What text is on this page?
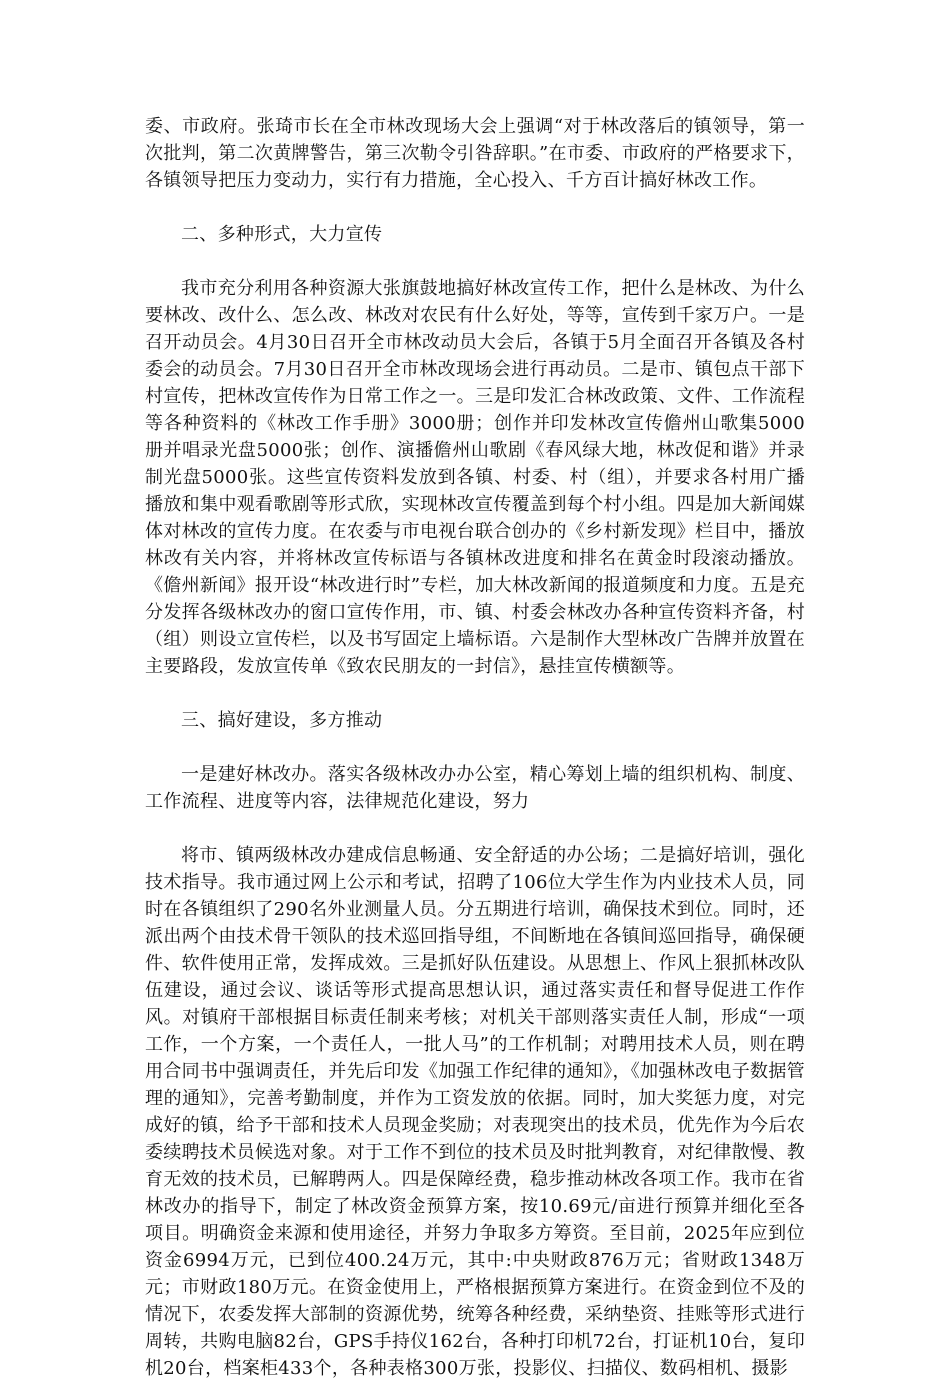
委、市政府。张琦市长在全市林改现场大会上强调“对于林改落后的镇领导，第一次批判，第二次黄牌警告，第三次勒令引咎辞职。”在市委、市政府的严格要求下，各镇领导把压力变动力，实行有力措施，全心投入、千方百计搞好林改工作。

二、多种形式，大力宣传

我市充分利用各种资源大张旗鼓地搞好林改宣传工作，把什么是林改、为什么要林改、改什么、怎么改、林改对农民有什么好处，等等，宣传到千家万户。一是召开动员会。4月30日召开全市林改动员大会后，各镇于5月全面召开各镇及各村委会的动员会。7月30日召开全市林改现场会进行再动员。二是市、镇包点干部下村宣传，把林改宣传作为日常工作之一。三是印发汇合林改政策、文件、工作流程等各种资料的《林改工作手册》3000册；创作并印发林改宣传儋州山歌集5000册并唱录光盘5000张；创作、演播儋州山歌剧《春风绿大地，林改促和谐》并录制光盘5000张。这些宣传资料发放到各镇、村委、村（组），并要求各村用广播播放和集中观看歌剧等形式欣，实现林改宣传覆盖到每个村小组。四是加大新闻媒体对林改的宣传力度。在农委与市电视台联合创办的《乡村新发现》栏目中，播放林改有关内容，并将林改宣传标语与各镇林改进度和排名在黄金时段滚动播放。《儋州新闻》报开设“林改进行时”专栏，加大林改新闻的报道频度和力度。五是充分发挥各级林改办的窗口宣传作用，市、镇、村委会林改办各种宣传资料齐备，村（组）则设立宣传栏，以及书写固定上墙标语。六是制作大型林改广告牌并放置在主要路段，发放宣传单《致农民朋友的一封信》，悬挂宣传横额等。

三、搞好建设，多方推动

一是建好林改办。落实各级林改办办公室，精心筹划上墙的组织机构、制度、工作流程、进度等内容，法律规范化建设，努力

将市、镇两级林改办建成信息畅通、安全舒适的办公场；二是搞好培训，强化技术指导。我市通过网上公示和考试，招聘了106位大学生作为内业技术人员，同时在各镇组织了290名外业测量人员。分五期进行培训，确保技术到位。同时，还派出两个由技术骨干领队的技术巡回指导组，不间断地在各镇间巡回指导，确保硬件、软件使用正常，发挥成效。三是抓好队伍建设。从思想上、作风上狠抓林改队伍建设，通过会议、谈话等形式提高思想认识，通过落实责任和督导促进工作作风。对镇府干部根据目标责任制来考核；对机关干部则落实责任人制，形成“一项工作，一个方案，一个责任人，一批人马”的工作机制；对聘用技术人员，则在聘用合同书中强调责任，并先后印发《加强工作纪律的通知》，《加强林改电子数据管理的通知》，完善考勤制度，并作为工资发放的依据。同时，加大奖惩力度，对完成好的镇，给予干部和技术人员现金奖励；对表现突出的技术员，优先作为今后农委续聘技术员候选对象。对于工作不到位的技术员及时批判教育，对纪律散慢、教育无效的技术员，已解聘两人。四是保障经费，稳步推动林改各项工作。我市在省林改办的指导下，制定了林改资金预算方案，按10.69元/亩进行预算并细化至各项目。明确资金来源和使用途径，并努力争取多方筹资。至目前，2025年应到位资金6994万元，已到位400.24万元，其中:中央财政876万元；省财政1348万元；市财政180万元。在资金使用上，严格根据预算方案进行。在资金到位不及的情况下，农委发挥大部制的资源优势，统筹各种经费，采纳垫资、挂账等形式进行周转，共购电脑82台，GPS手持仪162台，各种打印机72台，打证机10台，复印机20台，档案柜433个，各种表格300万张，投影仪、扫描仪、数码相机、摄影
